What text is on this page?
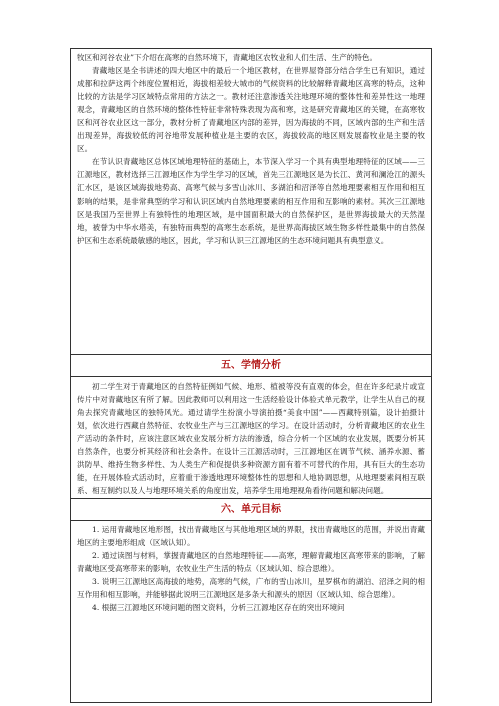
牧区和河谷农业”下介绍在高寒的自然环境下，青藏地区农牧业和人们生活、生产的特色。

青藏地区是全书讲述的四大地区中的最后一个地区教材，在世界屋脊部分结合学生已有知识，通过成都和拉萨这两个纬度位置相近，海拔相差较大城市的气候资料的比较解释青藏地区高寒的特点，这种比较的方法是学习区域特点常用的方法之一。教材还注意渗透关注地理环境的整体性和差异性这一地理观念，青藏地区的自然环境的整体性特征非常特殊表现为高和寒，这是研究青藏地区的关键，在高寒牧区和河谷农业区这一部分，教材分析了青藏地区内部的差异，因为海拔的不同，区域内部的生产和生活出现差异，海拔较低的河谷地带发展种植业是主要的农区，海拔较高的地区则发展畜牧业是主要的牧区。

在节认识青藏地区总体区域地理特征的基础上，本节深入学习一个具有典型地理特征的区域——三江源地区，教材选择三江源地区作为学生学习的区域，首先三江源地区是为长江、黄河和澜沧江的源头汇水区，是该区域海拔地势高、高寒气候与多雪山冰川、多湖泊和沼泽等自然地理要素相互作用和相互影响的结果，是非常典型的学习和认识区域内自然地理要素的相互作用和互影响的素材。其次三江源地区是我国乃至世界上有独特性的地理区域，是中国面积最大的自然保护区，是世界海拔最大的天然湿地，被誉为中华水塔美，有独特而典型的高寒生态系统，是世界高海拔区域生物多样性最集中的自然保护区和生态系统最敏感的地区，因此，学习和认识三江源地区的生态环境问题具有典型意义。

五、学情分析

初二学生对于青藏地区的自然特征例如气候、地形、植被等没有直观的体会，但在许多纪录片或宣传片中对青藏地区有所了解。因此教师可以利用这一生活经验设计体验式单元教学，让学生从自己的视角去探究青藏地区的独特风光。通过请学生扮演小导演拍摄“美食中国”——西藏特别篇，设计拍摄计划，依次进行西藏自然特征、农牧业生产与三江源地区的学习。在设计活动时，分析青藏地区的农业生产活动的条件时，应该注意区域农业发展分析方法的渗透，综合分析一个区域的农业发展，既要分析其自然条件，也要分析其经济和社会条件。在设计三江源活动时，三江源地区在调节气候、涵养水源、蓄洪防旱、维持生物多样性、为人类生产和促提供多种资源方面有着不可替代的作用，具有巨大的生态功能，在开展体验式活动时，应着重于渗透地理环境整体性的思想和人地协调思想，从地理要素间相互联系、相互制约以及人与地理环境关系的角度出发，培养学生用地理视角看待问题和解决问题。

六、单元目标

1. 运用青藏地区地形图，找出青藏地区与其他地理区域的界限，找出青藏地区的范围，并说出青藏地区的主要地形组成（区域认知）。

2. 通过读图与材料，掌握青藏地区的自然地理特征——高寒，理解青藏地区高寒带来的影响，了解青藏地区受高寒带来的影响，农牧业生产生活的特点（区域认知、综合思维）。

3. 说明三江源地区高海拔的地势，高寒的气候，广布的雪山冰川，星罗棋布的湖泊、沼泽之间的相互作用和相互影响，并能够据此说明三江源地区是多条大和源头的原因（区域认知、综合思维）。

4. 根据三江源地区环境问题的图文资料，分析三江源地区存在的突出环境问
